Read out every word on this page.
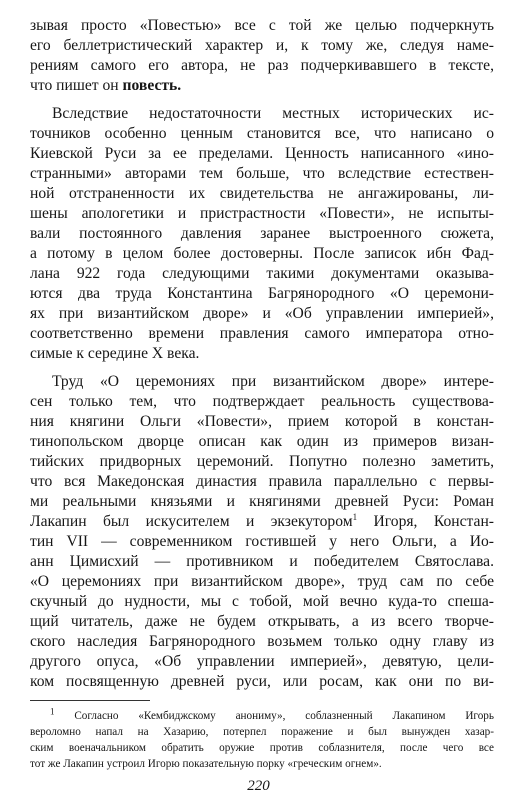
зывая просто «Повестью» все с той же целью подчеркнуть
его беллетристический характер и, к тому же, следуя наме-
рениям самого его автора, не раз подчеркивавшего в тексте,
что пишет он повесть.
Вследствие недостаточности местных исторических ис-
точников особенно ценным становится все, что написано о
Киевской Руси за ее пределами. Ценность написанного «ино-
странными» авторами тем больше, что вследствие естествен-
ной отстраненности их свидетельства не ангажированы, ли-
шены апологетики и пристрастности «Повести», не испыты-
вали постоянного давления заранее выстроенного сюжета,
а потому в целом более достоверны. После записок ибн Фад-
лана 922 года следующими такими документами оказыва-
ются два труда Константина Багрянородного «О церемони-
ях при византийском дворе» и «Об управлении империей»,
соответственно времени правления самого императора отно-
симые к середине X века.
Труд «О церемониях при византийском дворе» интере-
сен только тем, что подтверждает реальность существова-
ния княгини Ольги «Повести», прием которой в констан-
тинопольском дворце описан как один из примеров визан-
тийских придворных церемоний. Попутно полезно заметить,
что вся Македонская династия правила параллельно с первы-
ми реальными князьями и княгинями древней Руси: Роман
Лакапин был искусителем и экзекутором$^1$ Игоря, Констан-
тин VII — современником гостившей у него Ольги, а Ио-
анн Цимисхий — противником и победителем Святослава.
«О церемониях при византийском дворе», труд сам по себе
скучный до нудности, мы с тобой, мой вечно куда-то спеша-
щий читатель, даже не будем открывать, а из всего творче-
ского наследия Багрянородного возьмем только одну главу из
другого опуса, «Об управлении империей», девятую, цели-
ком посвященную древней руси, или росам, как они по ви-
$^1$ Согласно «Кембиджскому анониму», соблазненный Лакапином Игорь
вероломно напал на Хазарию, потерпел поражение и был вынужден хазар-
ским военачальником обратить оружие против соблазнителя, после чего все
тот же Лакапин устроил Игорю показательную порку «греческим огнем».
220
